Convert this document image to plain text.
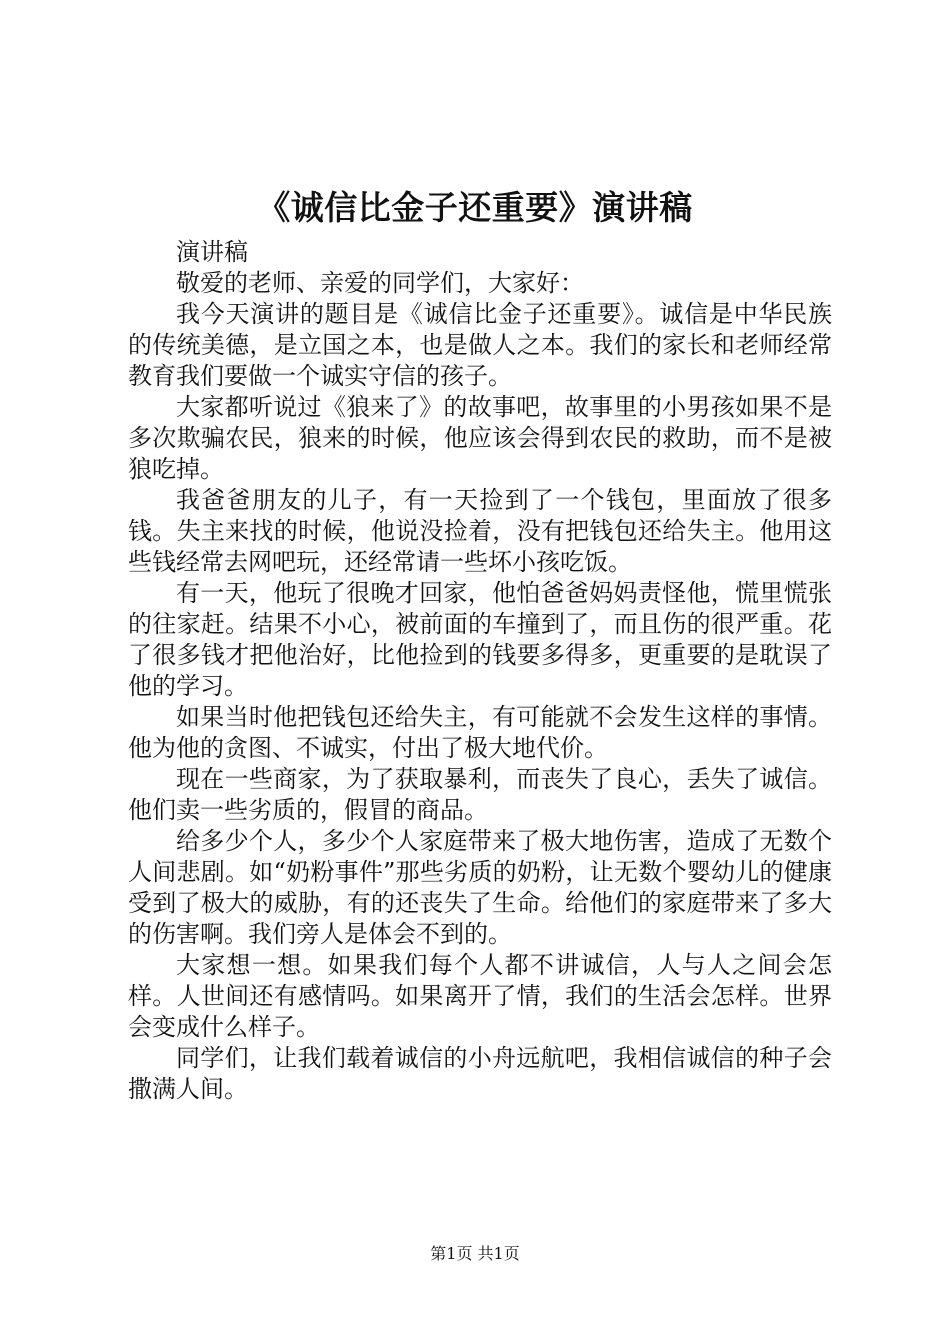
《诚信比金子还重要》演讲稿

演讲稿

敬爱的老师、亲爱的同学们，大家好：

我今天演讲的题目是《诚信比金子还重要》。诚信是中华民族的传统美德，是立国之本，也是做人之本。我们的家长和老师经常教育我们要做一个诚实守信的孩子。

大家都听说过《狼来了》的故事吧，故事里的小男孩如果不是多次欺骗农民，狼来的时候，他应该会得到农民的救助，而不是被狼吃掉。

我爸爸朋友的儿子，有一天捡到了一个钱包，里面放了很多钱。失主来找的时候，他说没捡着，没有把钱包还给失主。他用这些钱经常去网吧玩，还经常请一些坏小孩吃饭。

有一天，他玩了很晚才回家，他怕爸爸妈妈责怪他，慌里慌张的往家赶。结果不小心，被前面的车撞到了，而且伤的很严重。花了很多钱才把他治好，比他捡到的钱要多得多，更重要的是耽误了他的学习。

如果当时他把钱包还给失主，有可能就不会发生这样的事情。他为他的贪图、不诚实，付出了极大地代价。

现在一些商家，为了获取暴利，而丧失了良心，丢失了诚信。他们卖一些劣质的，假冒的商品。

给多少个人，多少个人家庭带来了极大地伤害，造成了无数个人间悲剧。如“奶粉事件”那些劣质的奶粉，让无数个婴幼儿的健康受到了极大的威胁，有的还丧失了生命。给他们的家庭带来了多大的伤害啊。我们旁人是体会不到的。

大家想一想。如果我们每个人都不讲诚信，人与人之间会怎样。人世间还有感情吗。如果离开了情，我们的生活会怎样。世界会变成什么样子。

同学们，让我们载着诚信的小舟远航吧，我相信诚信的种子会撒满人间。

第1页 共1页
